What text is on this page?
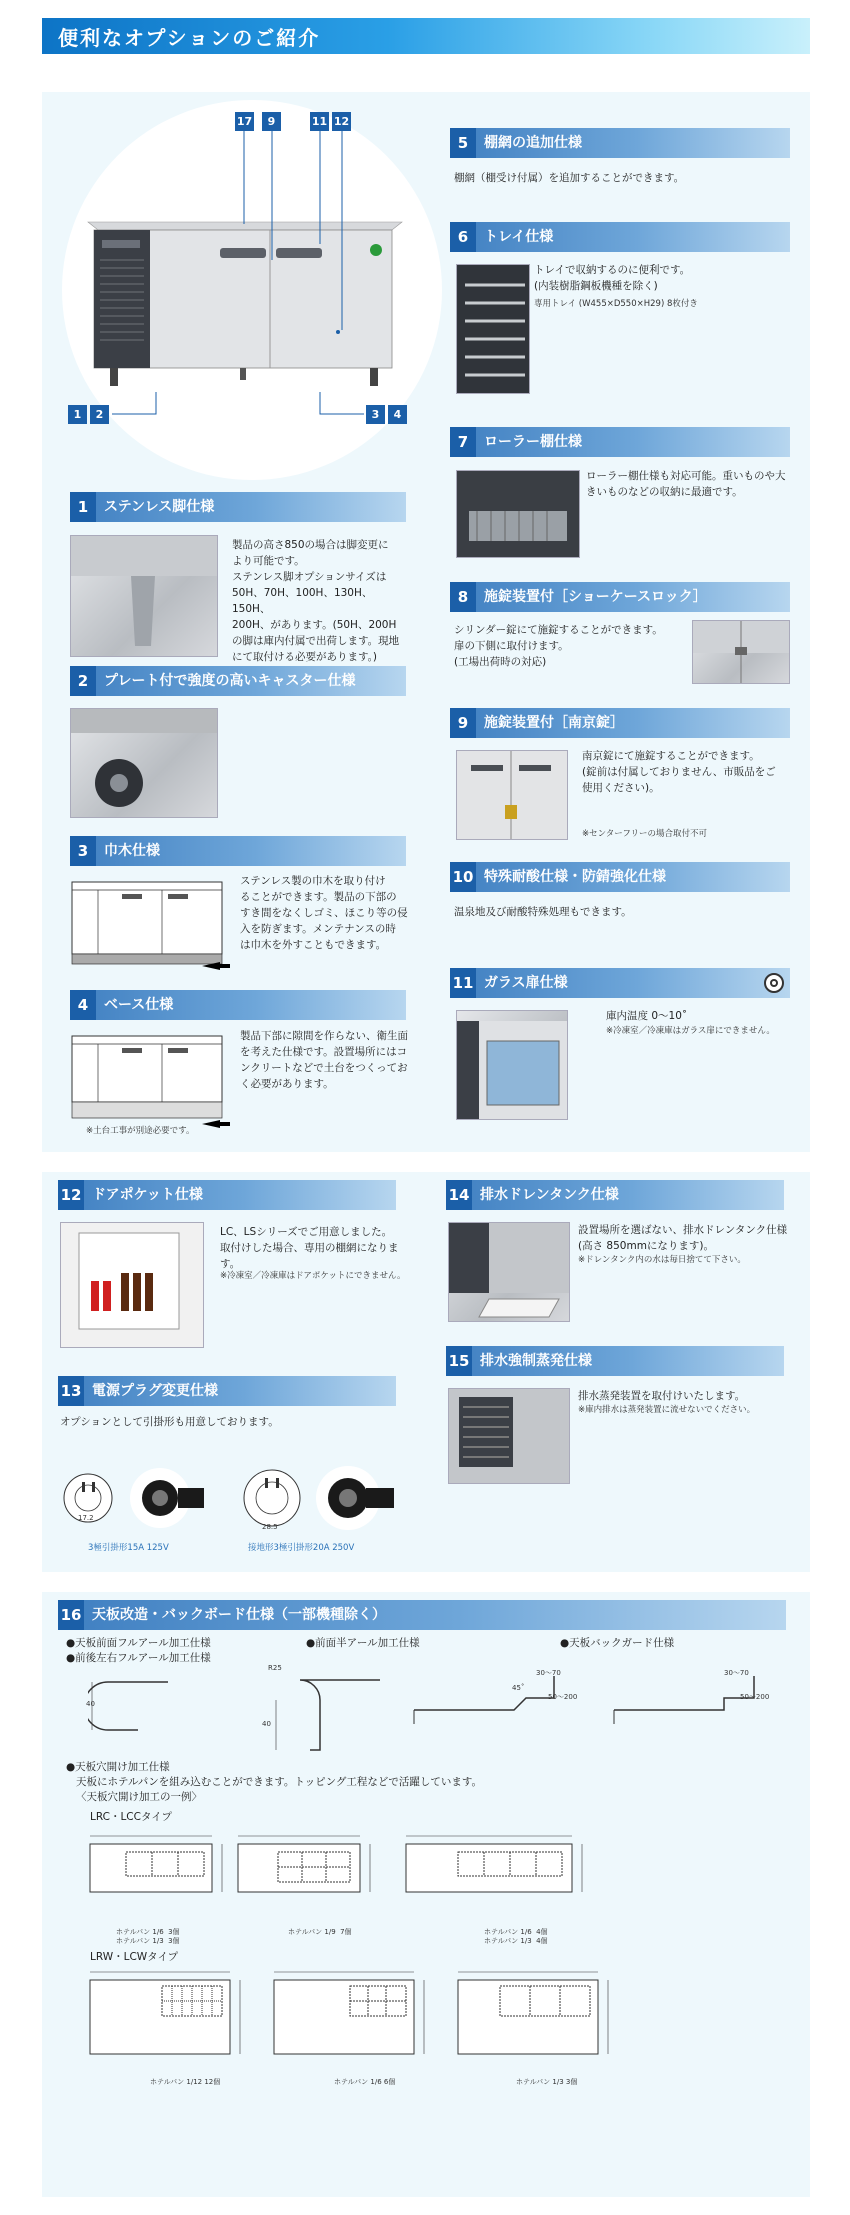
便利なオプションのご紹介
17	9	11 12
1	2	3	4
1	ステンレス脚仕様
製品の高さ850の場合は脚変更に
より可能です。
ステンレス脚オプションサイズは
50H、70H、100H、130H、150H、
200H、があります。(50H、200H
の脚は庫内付属で出荷します。現地
にて取付ける必要があります。)
2	プレート付で強度の高いキャスター仕様
3	巾木仕様
ステンレス製の巾木を取り付け
ることができます。製品の下部の
すき間をなくしゴミ、ほこり等の侵
入を防ぎます。メンテナンスの時
は巾木を外すこともできます。
4	ベース仕様
製品下部に隙間を作らない、衛生面
を考えた仕様です。設置場所にはコ
ンクリートなどで土台をつくってお
く必要があります。
※土台工事が別途必要です。
5	棚網の追加仕様
棚網（棚受け付属）を追加することができます。
6	トレイ仕様
トレイで収納するのに便利です。
(内装樹脂鋼板機種を除く)
専用トレイ (W455×D550×H29) 8枚付き
7	ローラー棚仕様
ローラー棚仕様も対応可能。重いものや大
きいものなどの収納に最適です。
8	施錠装置付［ショーケースロック］
シリンダー錠にて施錠することができます。
扉の下側に取付けます。
(工場出荷時の対応)
9	施錠装置付［南京錠］
南京錠にて施錠することができます。
(錠前は付属しておりません、市販品をご
使用ください)。
※センターフリーの場合取付不可
10 特殊耐酸仕様・防錆強化仕様
温泉地及び耐酸特殊処理もできます。
11 ガラス扉仕様
庫内温度 0～10˚
※冷凍室／冷凍庫はガラス扉にできません。
12 ドアポケット仕様
LC、LSシリーズでご用意しました。
取付けした場合、専用の棚網になりま
す。
※冷凍室／冷凍庫はドアポケットにできません。
13 電源プラグ変更仕様
オプションとして引掛形も用意しております。
17.2
3極引掛形15A 125V
28.5
接地形3極引掛形20A 250V
14 排水ドレンタンク仕様
設置場所を選ばない、排水ドレンタンク仕様
(高さ 850mmになります)。
※ドレンタンク内の水は毎日捨てて下さい。
15 排水強制蒸発仕様
排水蒸発装置を取付けいたします。
※庫内排水は蒸発装置に流せないでください。
16 天板改造・バックボード仕様（一部機種除く）
●天板前面フルアール加工仕様
●前後左右フルアール加工仕様
●前面半アール加工仕様	●天板バックガード仕様
40
R25
40
30～70
50～200
45˚
30～70
50～200
●天板穴開け加工仕様
天板にホテルパンを組み込むことができます。トッピング工程などで活躍しています。
〈天板穴開け加工の一例〉
LRC・LCCタイプ
ホテルパン 1/6  3個
ホテルパン 1/3  3個
ホテルパン 1/9  7個	ホテルパン 1/6  4個
ホテルパン 1/3  4個
LRW・LCWタイプ
ホテルパン 1/12 12個	ホテルパン 1/6 6個	ホテルパン 1/3 3個
